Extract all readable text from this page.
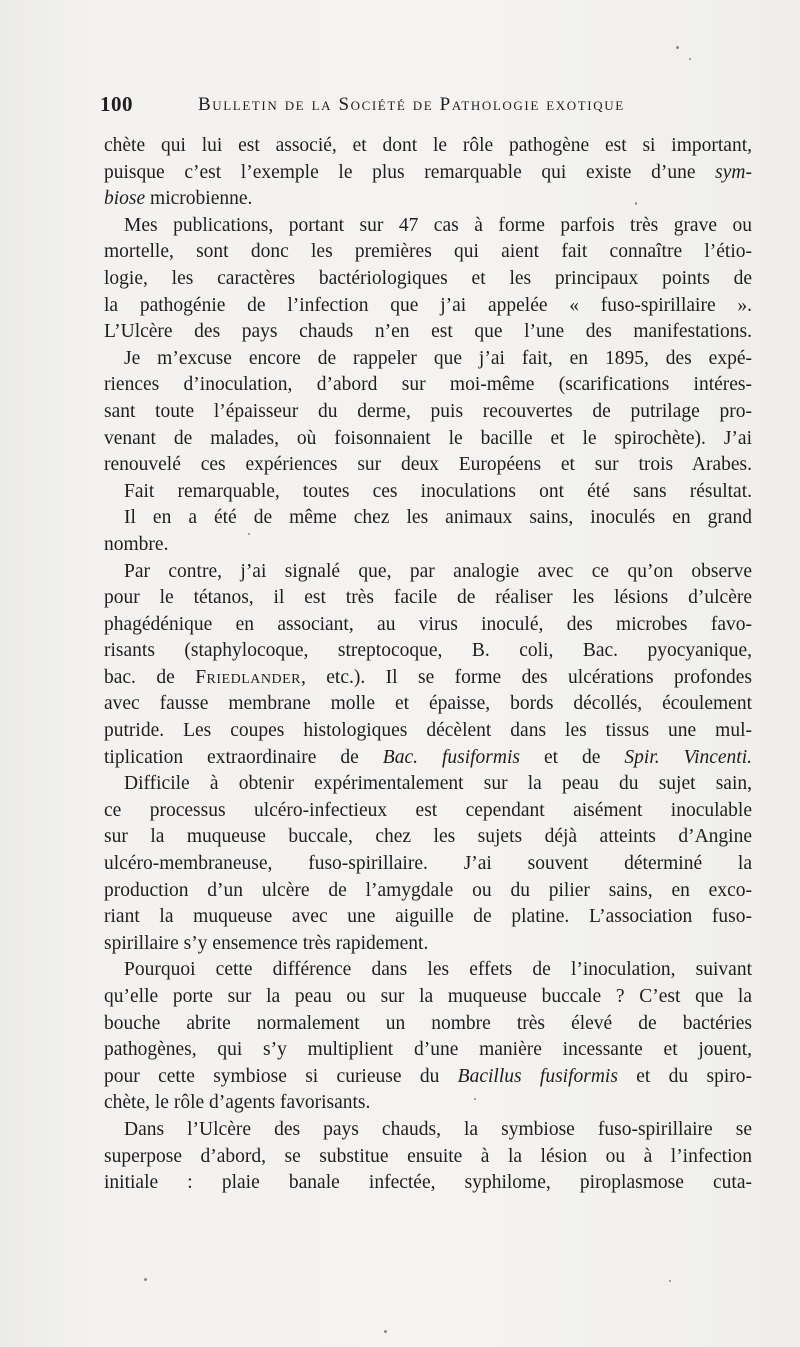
100	Bulletin de la Société de Pathologie exotique
chète qui lui est associé, et dont le rôle pathogène est si important,
puisque c’est l’exemple le plus remarquable qui existe d’une sym-
biose microbienne.
Mes publications, portant sur 47 cas à forme parfois très grave ou
mortelle, sont donc les premières qui aient fait connaître l’étio-
logie, les caractères bactériologiques et les principaux points de
la pathogénie de l’infection que j’ai appelée « fuso-spirillaire ».
L’Ulcère des pays chauds n’en est que l’une des manifestations.
Je m’excuse encore de rappeler que j’ai fait, en 1895, des expé-
riences d’inoculation, d’abord sur moi-même (scarifications intéres-
sant toute l’épaisseur du derme, puis recouvertes de putrilage pro-
venant de malades, où foisonnaient le bacille et le spirochète). J’ai
renouvelé ces expériences sur deux Européens et sur trois Arabes.
Fait remarquable, toutes ces inoculations ont été sans résultat.
Il en a été de même chez les animaux sains, inoculés en grand
nombre.
Par contre, j’ai signalé que, par analogie avec ce qu’on observe
pour le tétanos, il est très facile de réaliser les lésions d’ulcère
phagédénique en associant, au virus inoculé, des microbes favo-
risants (staphylocoque, streptocoque, B. coli, Bac. pyocyanique,
bac. de Friedlander, etc.). Il se forme des ulcérations profondes
avec fausse membrane molle et épaisse, bords décollés, écoulement
putride. Les coupes histologiques décèlent dans les tissus une mul-
tiplication extraordinaire de Bac. fusiformis et de Spir. Vincenti.
Difficile à obtenir expérimentalement sur la peau du sujet sain,
ce processus ulcéro-infectieux est cependant aisément inoculable
sur la muqueuse buccale, chez les sujets déjà atteints d’Angine
ulcéro-membraneuse, fuso-spirillaire. J’ai souvent déterminé la
production d’un ulcère de l’amygdale ou du pilier sains, en exco-
riant la muqueuse avec une aiguille de platine. L’association fuso-
spirillaire s’y ensemence très rapidement.
Pourquoi cette différence dans les effets de l’inoculation, suivant
qu’elle porte sur la peau ou sur la muqueuse buccale ? C’est que la
bouche abrite normalement un nombre très élevé de bactéries
pathogènes, qui s’y multiplient d’une manière incessante et jouent,
pour cette symbiose si curieuse du Bacillus fusiformis et du spiro-
chète, le rôle d’agents favorisants.
Dans l’Ulcère des pays chauds, la symbiose fuso-spirillaire se
superpose d’abord, se substitue ensuite à la lésion ou à l’infection
initiale : plaie banale infectée, syphilome, piroplasmose cuta-
